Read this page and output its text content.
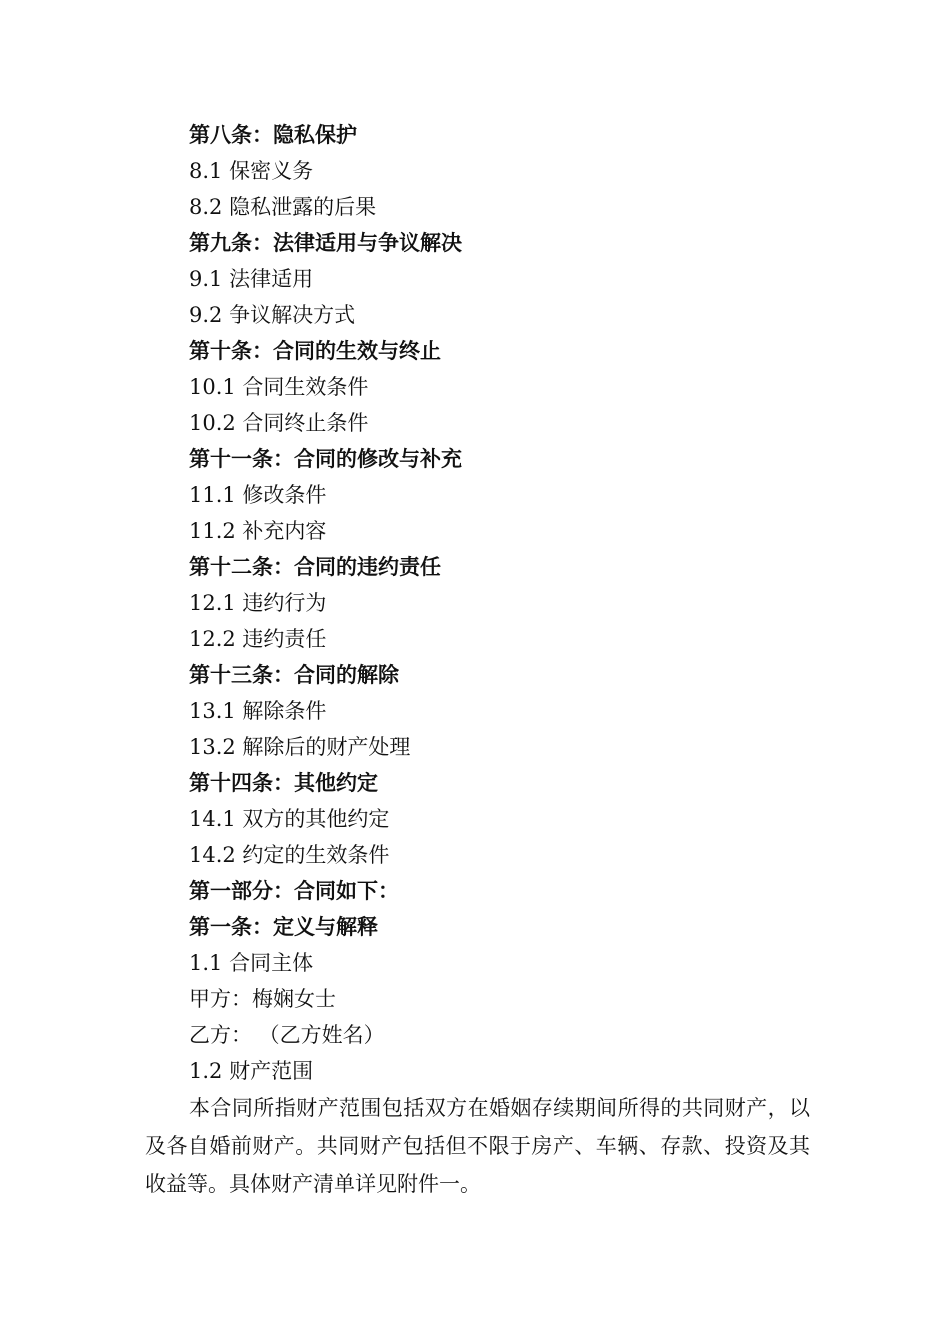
第八条：隐私保护
8.1 保密义务
8.2 隐私泄露的后果
第九条：法律适用与争议解决
9.1 法律适用
9.2 争议解决方式
第十条：合同的生效与终止
10.1 合同生效条件
10.2 合同终止条件
第十一条：合同的修改与补充
11.1 修改条件
11.2 补充内容
第十二条：合同的违约责任
12.1 违约行为
12.2 违约责任
第十三条：合同的解除
13.1 解除条件
13.2 解除后的财产处理
第十四条：其他约定
14.1 双方的其他约定
14.2 约定的生效条件
第一部分：合同如下：
第一条：定义与解释
1.1 合同主体
甲方：梅娴女士
乙方： （乙方姓名）
1.2 财产范围

本合同所指财产范围包括双方在婚姻存续期间所得的共同财产，以及各自婚前财产。共同财产包括但不限于房产、车辆、存款、投资及其收益等。具体财产清单详见附件一。
